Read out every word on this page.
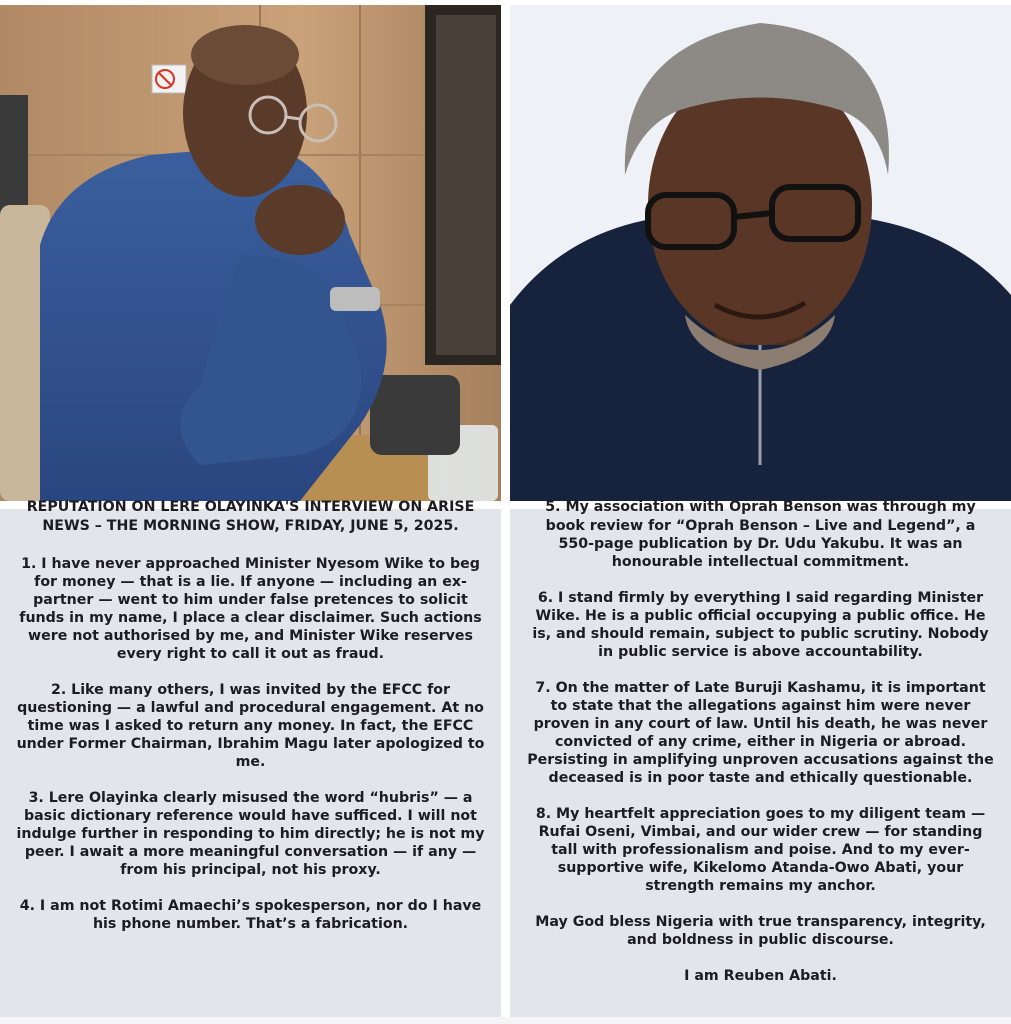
REPUTATION ON LERE OLAYINKA'S INTERVIEW ON ARISE

NEWS – THE MORNING SHOW, FRIDAY, JUNE 5, 2025.

1. I have never approached Minister Nyesom Wike to beg for money — that is a lie. If anyone — including an ex-partner — went to him under false pretences to solicit funds in my name, I place a clear disclaimer. Such actions were not authorised by me, and Minister Wike reserves every right to call it out as fraud.

2. Like many others, I was invited by the EFCC for questioning — a lawful and procedural engagement. At no time was I asked to return any money. In fact, the EFCC under Former Chairman, Ibrahim Magu later apologized to me.

3. Lere Olayinka clearly misused the word “hubris” — a basic dictionary reference would have sufficed. I will not indulge further in responding to him directly; he is not my peer. I await a more meaningful conversation — if any — from his principal, not his proxy.

4. I am not Rotimi Amaechi’s spokesperson, nor do I have his phone number. That’s a fabrication.

5. My association with Oprah Benson was through my

book review for “Oprah Benson – Live and Legend”, a 550-page publication by Dr. Udu Yakubu. It was an honourable intellectual commitment.

6. I stand firmly by everything I said regarding Minister Wike. He is a public official occupying a public office. He is, and should remain, subject to public scrutiny. Nobody in public service is above accountability.

7. On the matter of Late Buruji Kashamu, it is important to state that the allegations against him were never proven in any court of law. Until his death, he was never convicted of any crime, either in Nigeria or abroad. Persisting in amplifying unproven accusations against the deceased is in poor taste and ethically questionable.

8. My heartfelt appreciation goes to my diligent team — Rufai Oseni, Vimbai, and our wider crew — for standing tall with professionalism and poise. And to my ever-supportive wife, Kikelomo Atanda-Owo Abati, your strength remains my anchor.

May God bless Nigeria with true transparency, integrity, and boldness in public discourse.

I am Reuben Abati.
